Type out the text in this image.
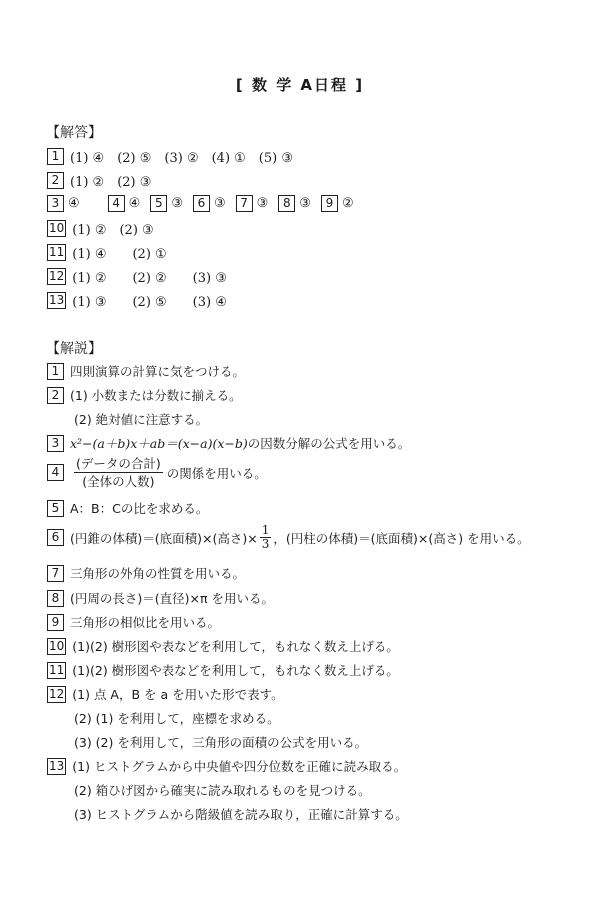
[ 数 学 A日程 ]
【解答】
1 (1) ④　(2) ⑤　(3) ②　(4) ①　(5) ③
2 (1) ②　(2) ③
3 ④	4 ④	5 ③	6 ③	7 ③	8 ③	9 ②
10 (1) ②　(2) ③
11 (1) ④　　(2) ①
12 (1) ②　　(2) ②　　(3) ③
13 (1) ③　　(2) ⑤　　(3) ④
【解説】
1 四則演算の計算に気をつける。
2 (1) 小数または分数に揃える。
(2) 絶対値に注意する。
3 x²−(a＋b)x＋ab＝(x−a)(x−b) の因数分解の公式を用いる。
4	$\frac{\text{(データの合計)}}{\text{(全体の人数)}}$ の関係を用いる。
5 A：B：Cの比を求める。
6 (円錐の体積)＝(底面積)×(高さ)× $\frac{1}{3}$ ，(円柱の体積)＝(底面積)×(高さ) を用いる。
7 三角形の外角の性質を用いる。
8 (円周の長さ)＝(直径)×π を用いる。
9 三角形の相似比を用いる。
10 (1)(2) 樹形図や表などを利用して，もれなく数え上げる。
11 (1)(2) 樹形図や表などを利用して，もれなく数え上げる。
12 (1) 点 A，B を a を用いた形で表す。
(2) (1) を利用して，座標を求める。
(3) (2) を利用して，三角形の面積の公式を用いる。
13 (1) ヒストグラムから中央値や四分位数を正確に読み取る。
(2) 箱ひげ図から確実に読み取れるものを見つける。
(3) ヒストグラムから階級値を読み取り，正確に計算する。
